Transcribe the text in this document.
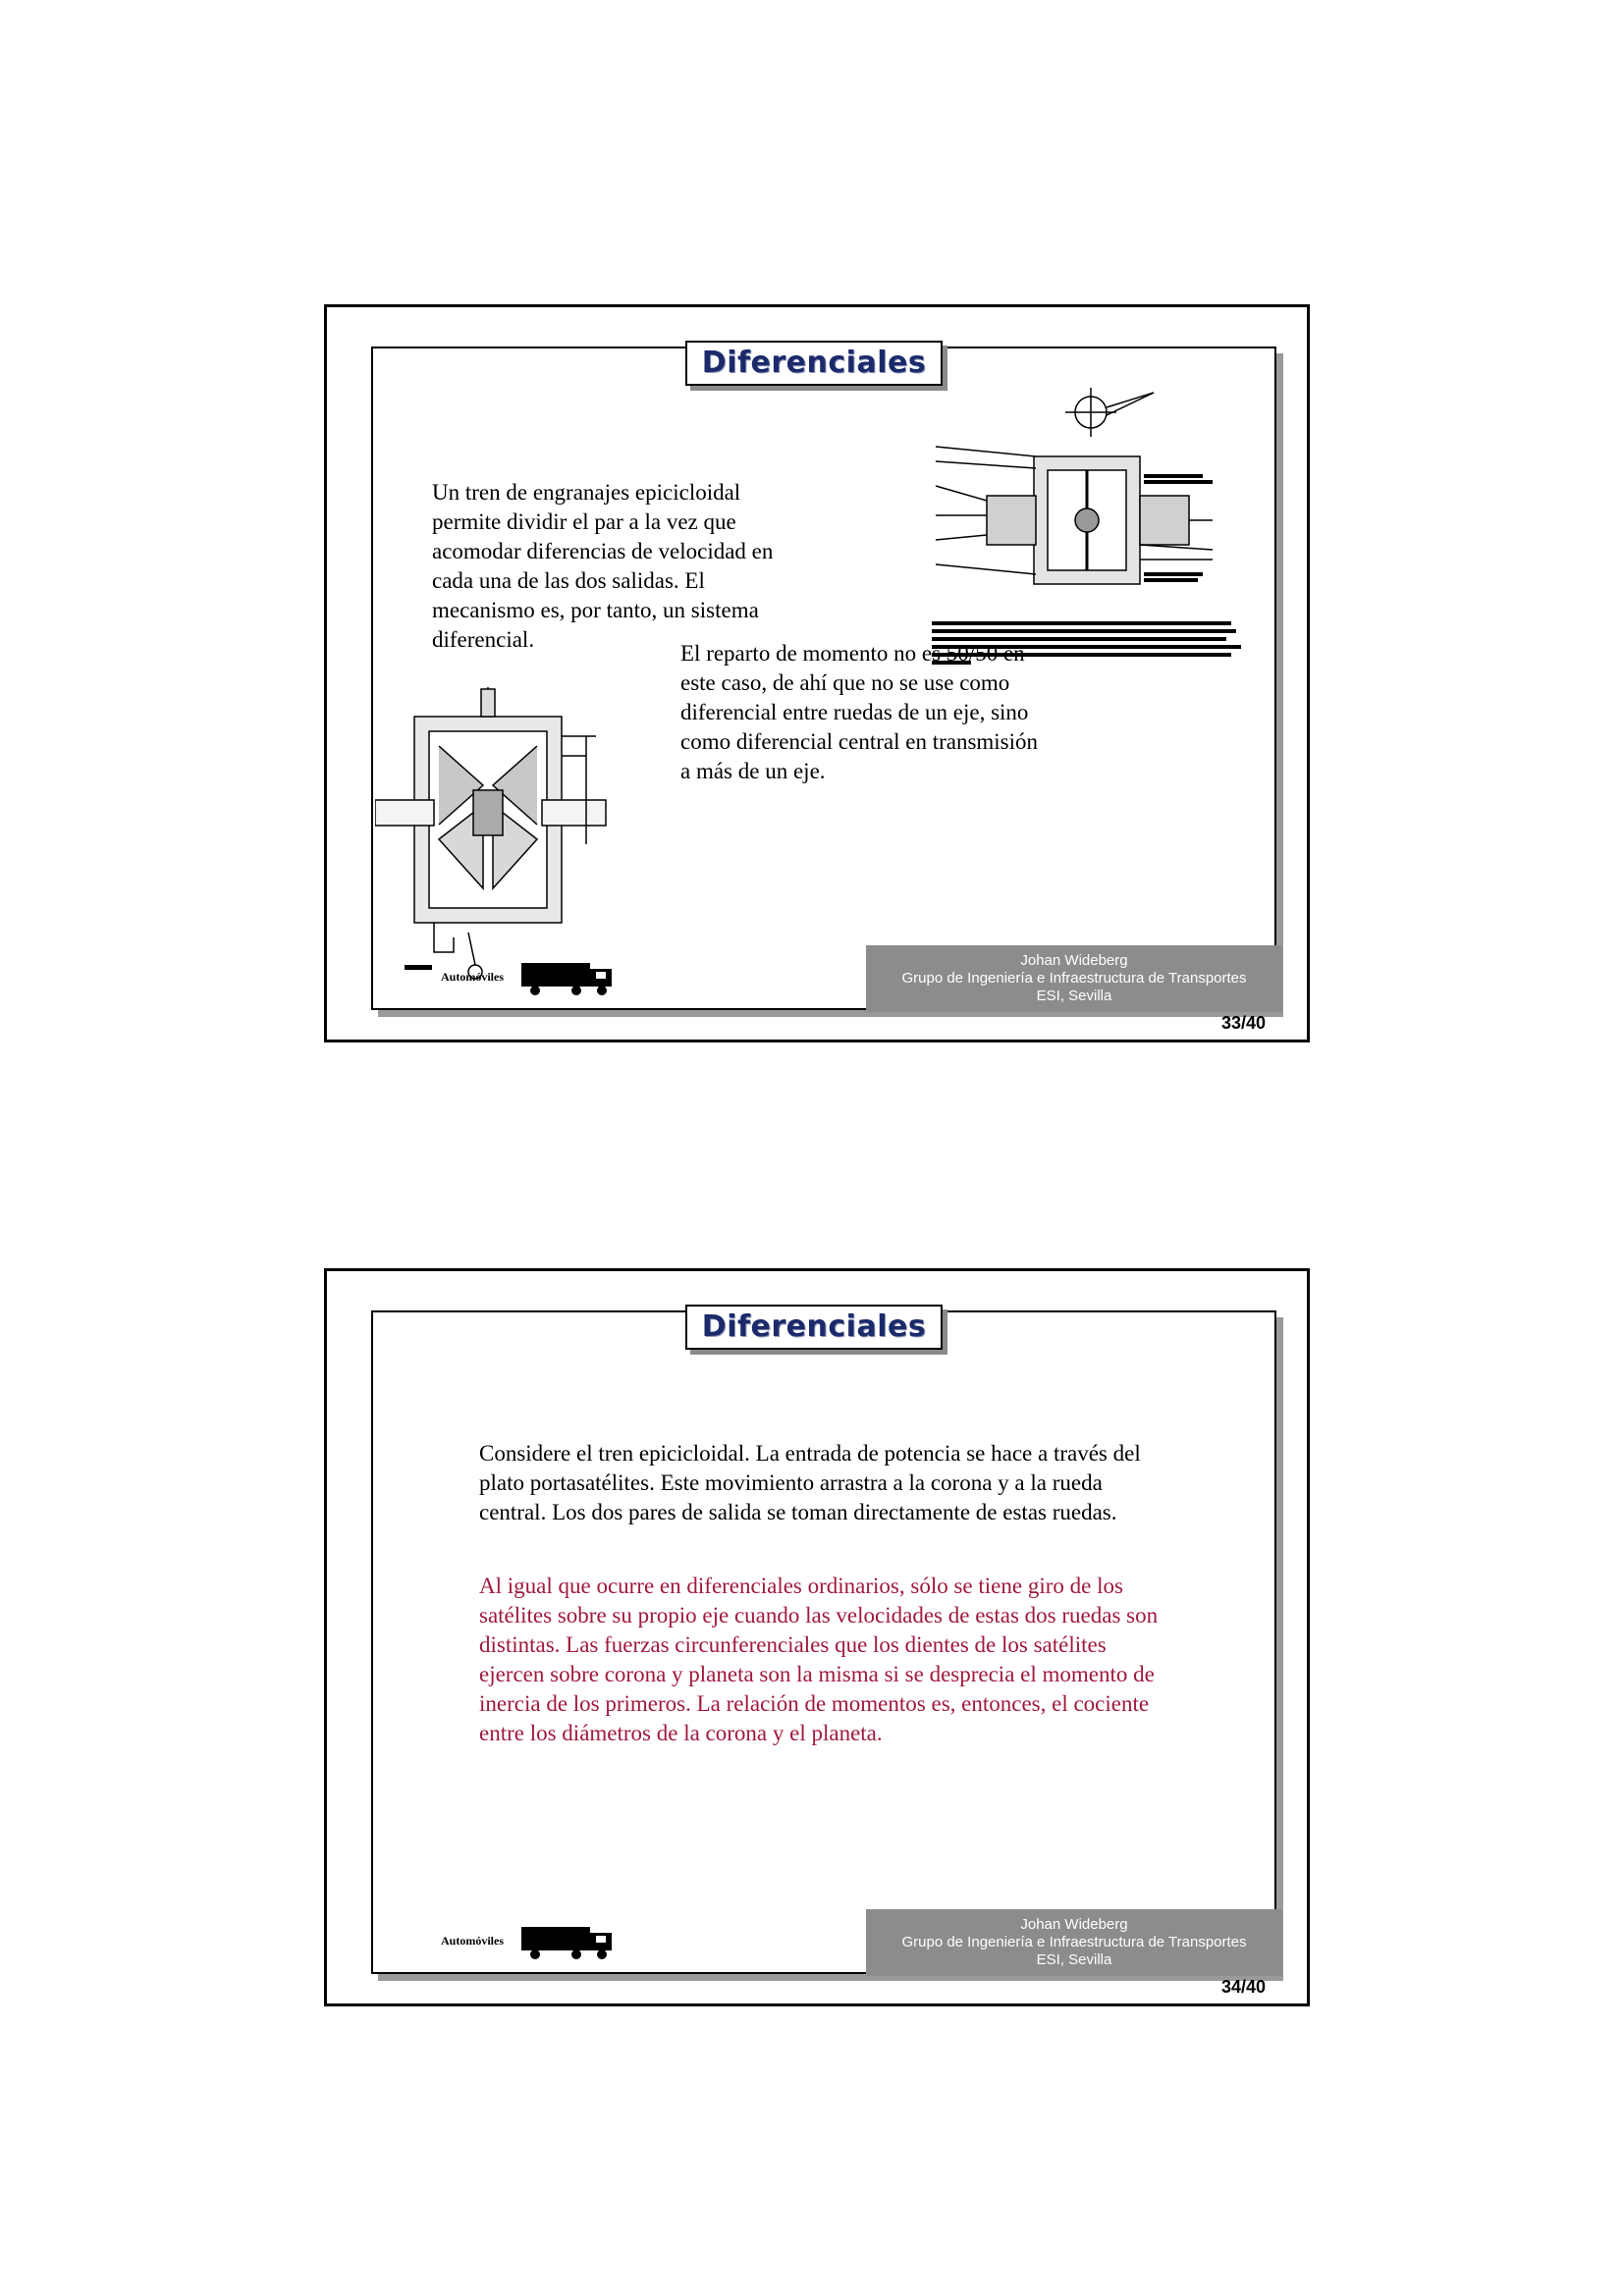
Diferenciales

Un tren de engranajes epicicloidal permite dividir el par a la vez que acomodar diferencias de velocidad en cada una de las dos salidas. El mecanismo es, por tanto, un sistema diferencial.

El reparto de momento no es 50/50 en este caso, de ahí que no se use como diferencial entre ruedas de un eje, sino como diferencial central en transmisión a más de un eje.

Johan Wideberg
Grupo de Ingeniería e Infraestructura de Transportes
ESI, Sevilla
Automóviles
33/40
Diferenciales

Considere el tren epicicloidal. La entrada de potencia se hace a través del plato portasatélites. Este movimiento arrastra a la corona y a la rueda central. Los dos pares de salida se toman directamente de estas ruedas.

Al igual que ocurre en diferenciales ordinarios, sólo se tiene giro de los satélites sobre su propio eje cuando las velocidades de estas dos ruedas son distintas. Las fuerzas circunferenciales que los dientes de los satélites ejercen sobre corona y planeta son la misma si se desprecia el momento de inercia de los primeros. La relación de momentos es, entonces, el cociente entre los diámetros de la corona y el planeta.

Johan Wideberg
Grupo de Ingeniería e Infraestructura de Transportes
ESI, Sevilla
Automóviles
34/40
